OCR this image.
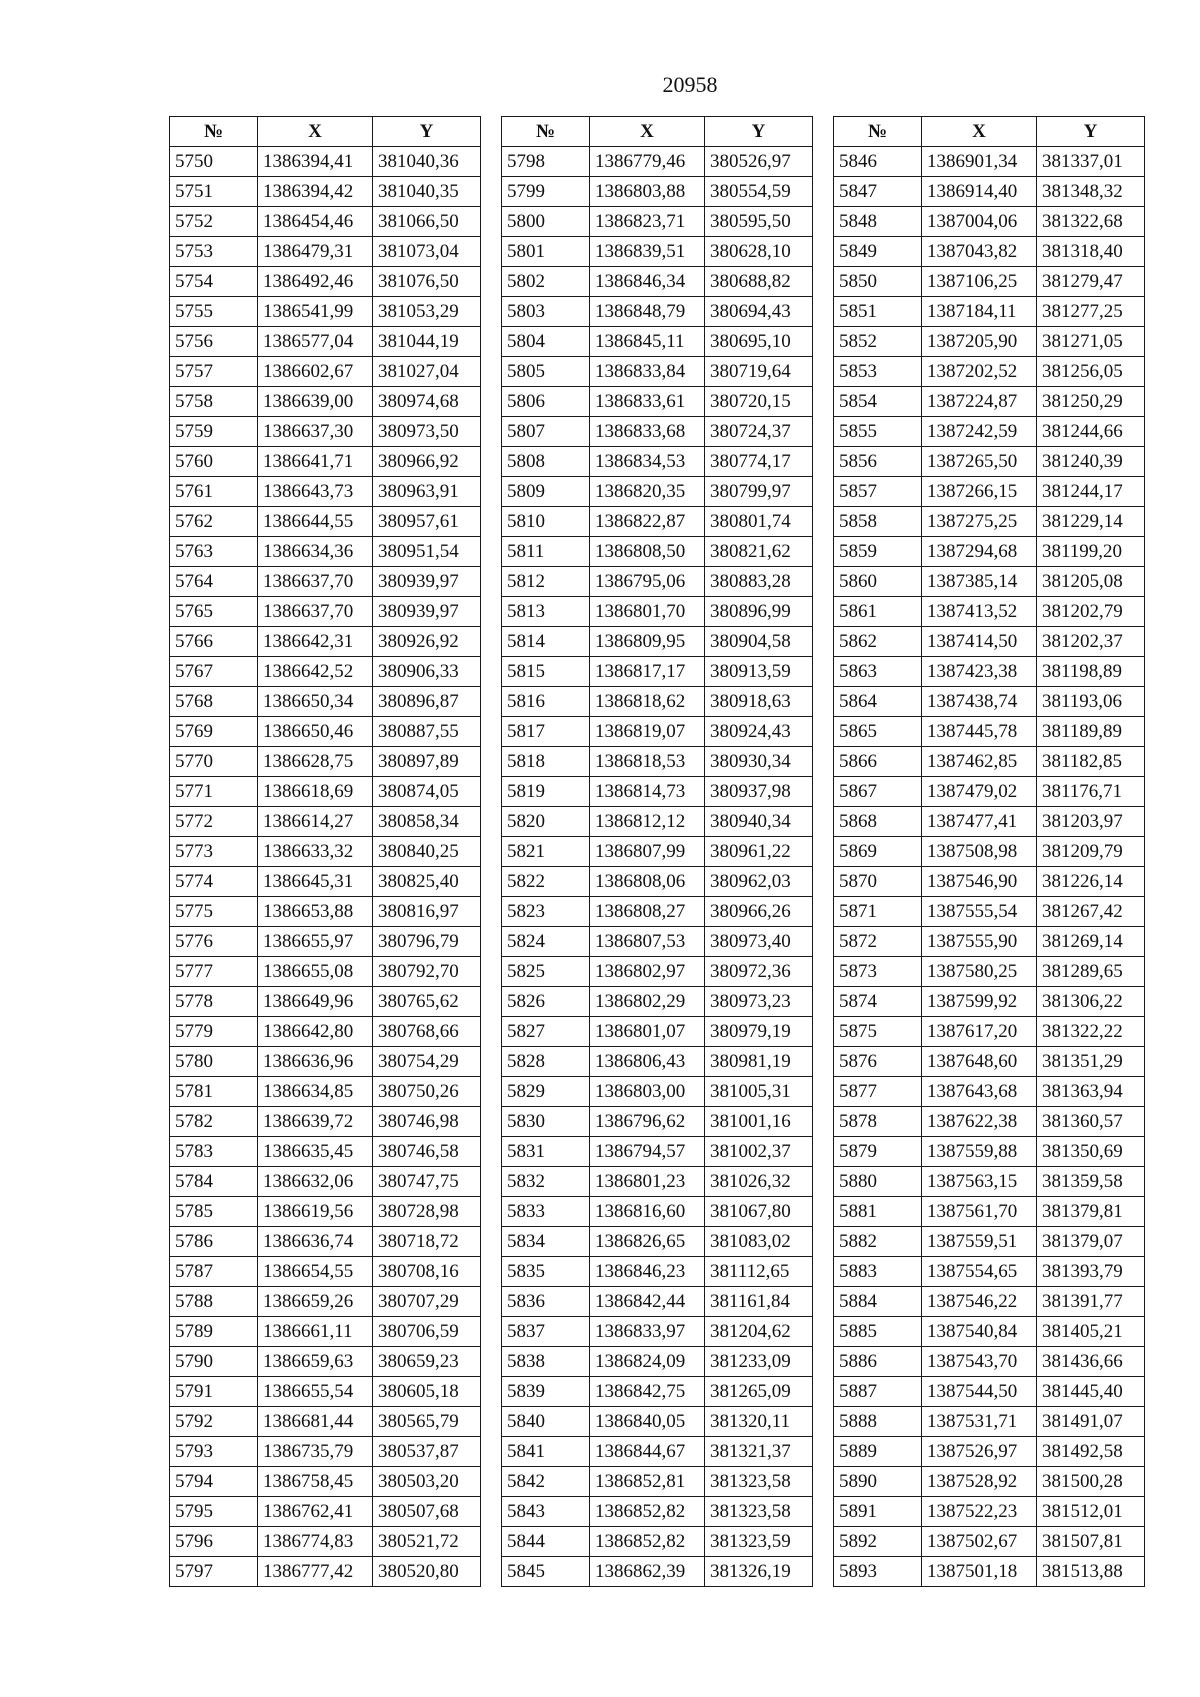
20958
№	X	Y
5750	1386394,41	381040,36
5751	1386394,42	381040,35
5752	1386454,46	381066,50
5753	1386479,31	381073,04
5754	1386492,46	381076,50
5755	1386541,99	381053,29
5756	1386577,04	381044,19
5757	1386602,67	381027,04
5758	1386639,00	380974,68
5759	1386637,30	380973,50
5760	1386641,71	380966,92
5761	1386643,73	380963,91
5762	1386644,55	380957,61
5763	1386634,36	380951,54
5764	1386637,70	380939,97
5765	1386637,70	380939,97
5766	1386642,31	380926,92
5767	1386642,52	380906,33
5768	1386650,34	380896,87
5769	1386650,46	380887,55
5770	1386628,75	380897,89
5771	1386618,69	380874,05
5772	1386614,27	380858,34
5773	1386633,32	380840,25
5774	1386645,31	380825,40
5775	1386653,88	380816,97
5776	1386655,97	380796,79
5777	1386655,08	380792,70
5778	1386649,96	380765,62
5779	1386642,80	380768,66
5780	1386636,96	380754,29
5781	1386634,85	380750,26
5782	1386639,72	380746,98
5783	1386635,45	380746,58
5784	1386632,06	380747,75
5785	1386619,56	380728,98
5786	1386636,74	380718,72
5787	1386654,55	380708,16
5788	1386659,26	380707,29
5789	1386661,11	380706,59
5790	1386659,63	380659,23
5791	1386655,54	380605,18
5792	1386681,44	380565,79
5793	1386735,79	380537,87
5794	1386758,45	380503,20
5795	1386762,41	380507,68
5796	1386774,83	380521,72
5797	1386777,42	380520,80
№	X	Y
5798	1386779,46	380526,97
5799	1386803,88	380554,59
5800	1386823,71	380595,50
5801	1386839,51	380628,10
5802	1386846,34	380688,82
5803	1386848,79	380694,43
5804	1386845,11	380695,10
5805	1386833,84	380719,64
5806	1386833,61	380720,15
5807	1386833,68	380724,37
5808	1386834,53	380774,17
5809	1386820,35	380799,97
5810	1386822,87	380801,74
5811	1386808,50	380821,62
5812	1386795,06	380883,28
5813	1386801,70	380896,99
5814	1386809,95	380904,58
5815	1386817,17	380913,59
5816	1386818,62	380918,63
5817	1386819,07	380924,43
5818	1386818,53	380930,34
5819	1386814,73	380937,98
5820	1386812,12	380940,34
5821	1386807,99	380961,22
5822	1386808,06	380962,03
5823	1386808,27	380966,26
5824	1386807,53	380973,40
5825	1386802,97	380972,36
5826	1386802,29	380973,23
5827	1386801,07	380979,19
5828	1386806,43	380981,19
5829	1386803,00	381005,31
5830	1386796,62	381001,16
5831	1386794,57	381002,37
5832	1386801,23	381026,32
5833	1386816,60	381067,80
5834	1386826,65	381083,02
5835	1386846,23	381112,65
5836	1386842,44	381161,84
5837	1386833,97	381204,62
5838	1386824,09	381233,09
5839	1386842,75	381265,09
5840	1386840,05	381320,11
5841	1386844,67	381321,37
5842	1386852,81	381323,58
5843	1386852,82	381323,58
5844	1386852,82	381323,59
5845	1386862,39	381326,19
№	X	Y
5846	1386901,34	381337,01
5847	1386914,40	381348,32
5848	1387004,06	381322,68
5849	1387043,82	381318,40
5850	1387106,25	381279,47
5851	1387184,11	381277,25
5852	1387205,90	381271,05
5853	1387202,52	381256,05
5854	1387224,87	381250,29
5855	1387242,59	381244,66
5856	1387265,50	381240,39
5857	1387266,15	381244,17
5858	1387275,25	381229,14
5859	1387294,68	381199,20
5860	1387385,14	381205,08
5861	1387413,52	381202,79
5862	1387414,50	381202,37
5863	1387423,38	381198,89
5864	1387438,74	381193,06
5865	1387445,78	381189,89
5866	1387462,85	381182,85
5867	1387479,02	381176,71
5868	1387477,41	381203,97
5869	1387508,98	381209,79
5870	1387546,90	381226,14
5871	1387555,54	381267,42
5872	1387555,90	381269,14
5873	1387580,25	381289,65
5874	1387599,92	381306,22
5875	1387617,20	381322,22
5876	1387648,60	381351,29
5877	1387643,68	381363,94
5878	1387622,38	381360,57
5879	1387559,88	381350,69
5880	1387563,15	381359,58
5881	1387561,70	381379,81
5882	1387559,51	381379,07
5883	1387554,65	381393,79
5884	1387546,22	381391,77
5885	1387540,84	381405,21
5886	1387543,70	381436,66
5887	1387544,50	381445,40
5888	1387531,71	381491,07
5889	1387526,97	381492,58
5890	1387528,92	381500,28
5891	1387522,23	381512,01
5892	1387502,67	381507,81
5893	1387501,18	381513,88
